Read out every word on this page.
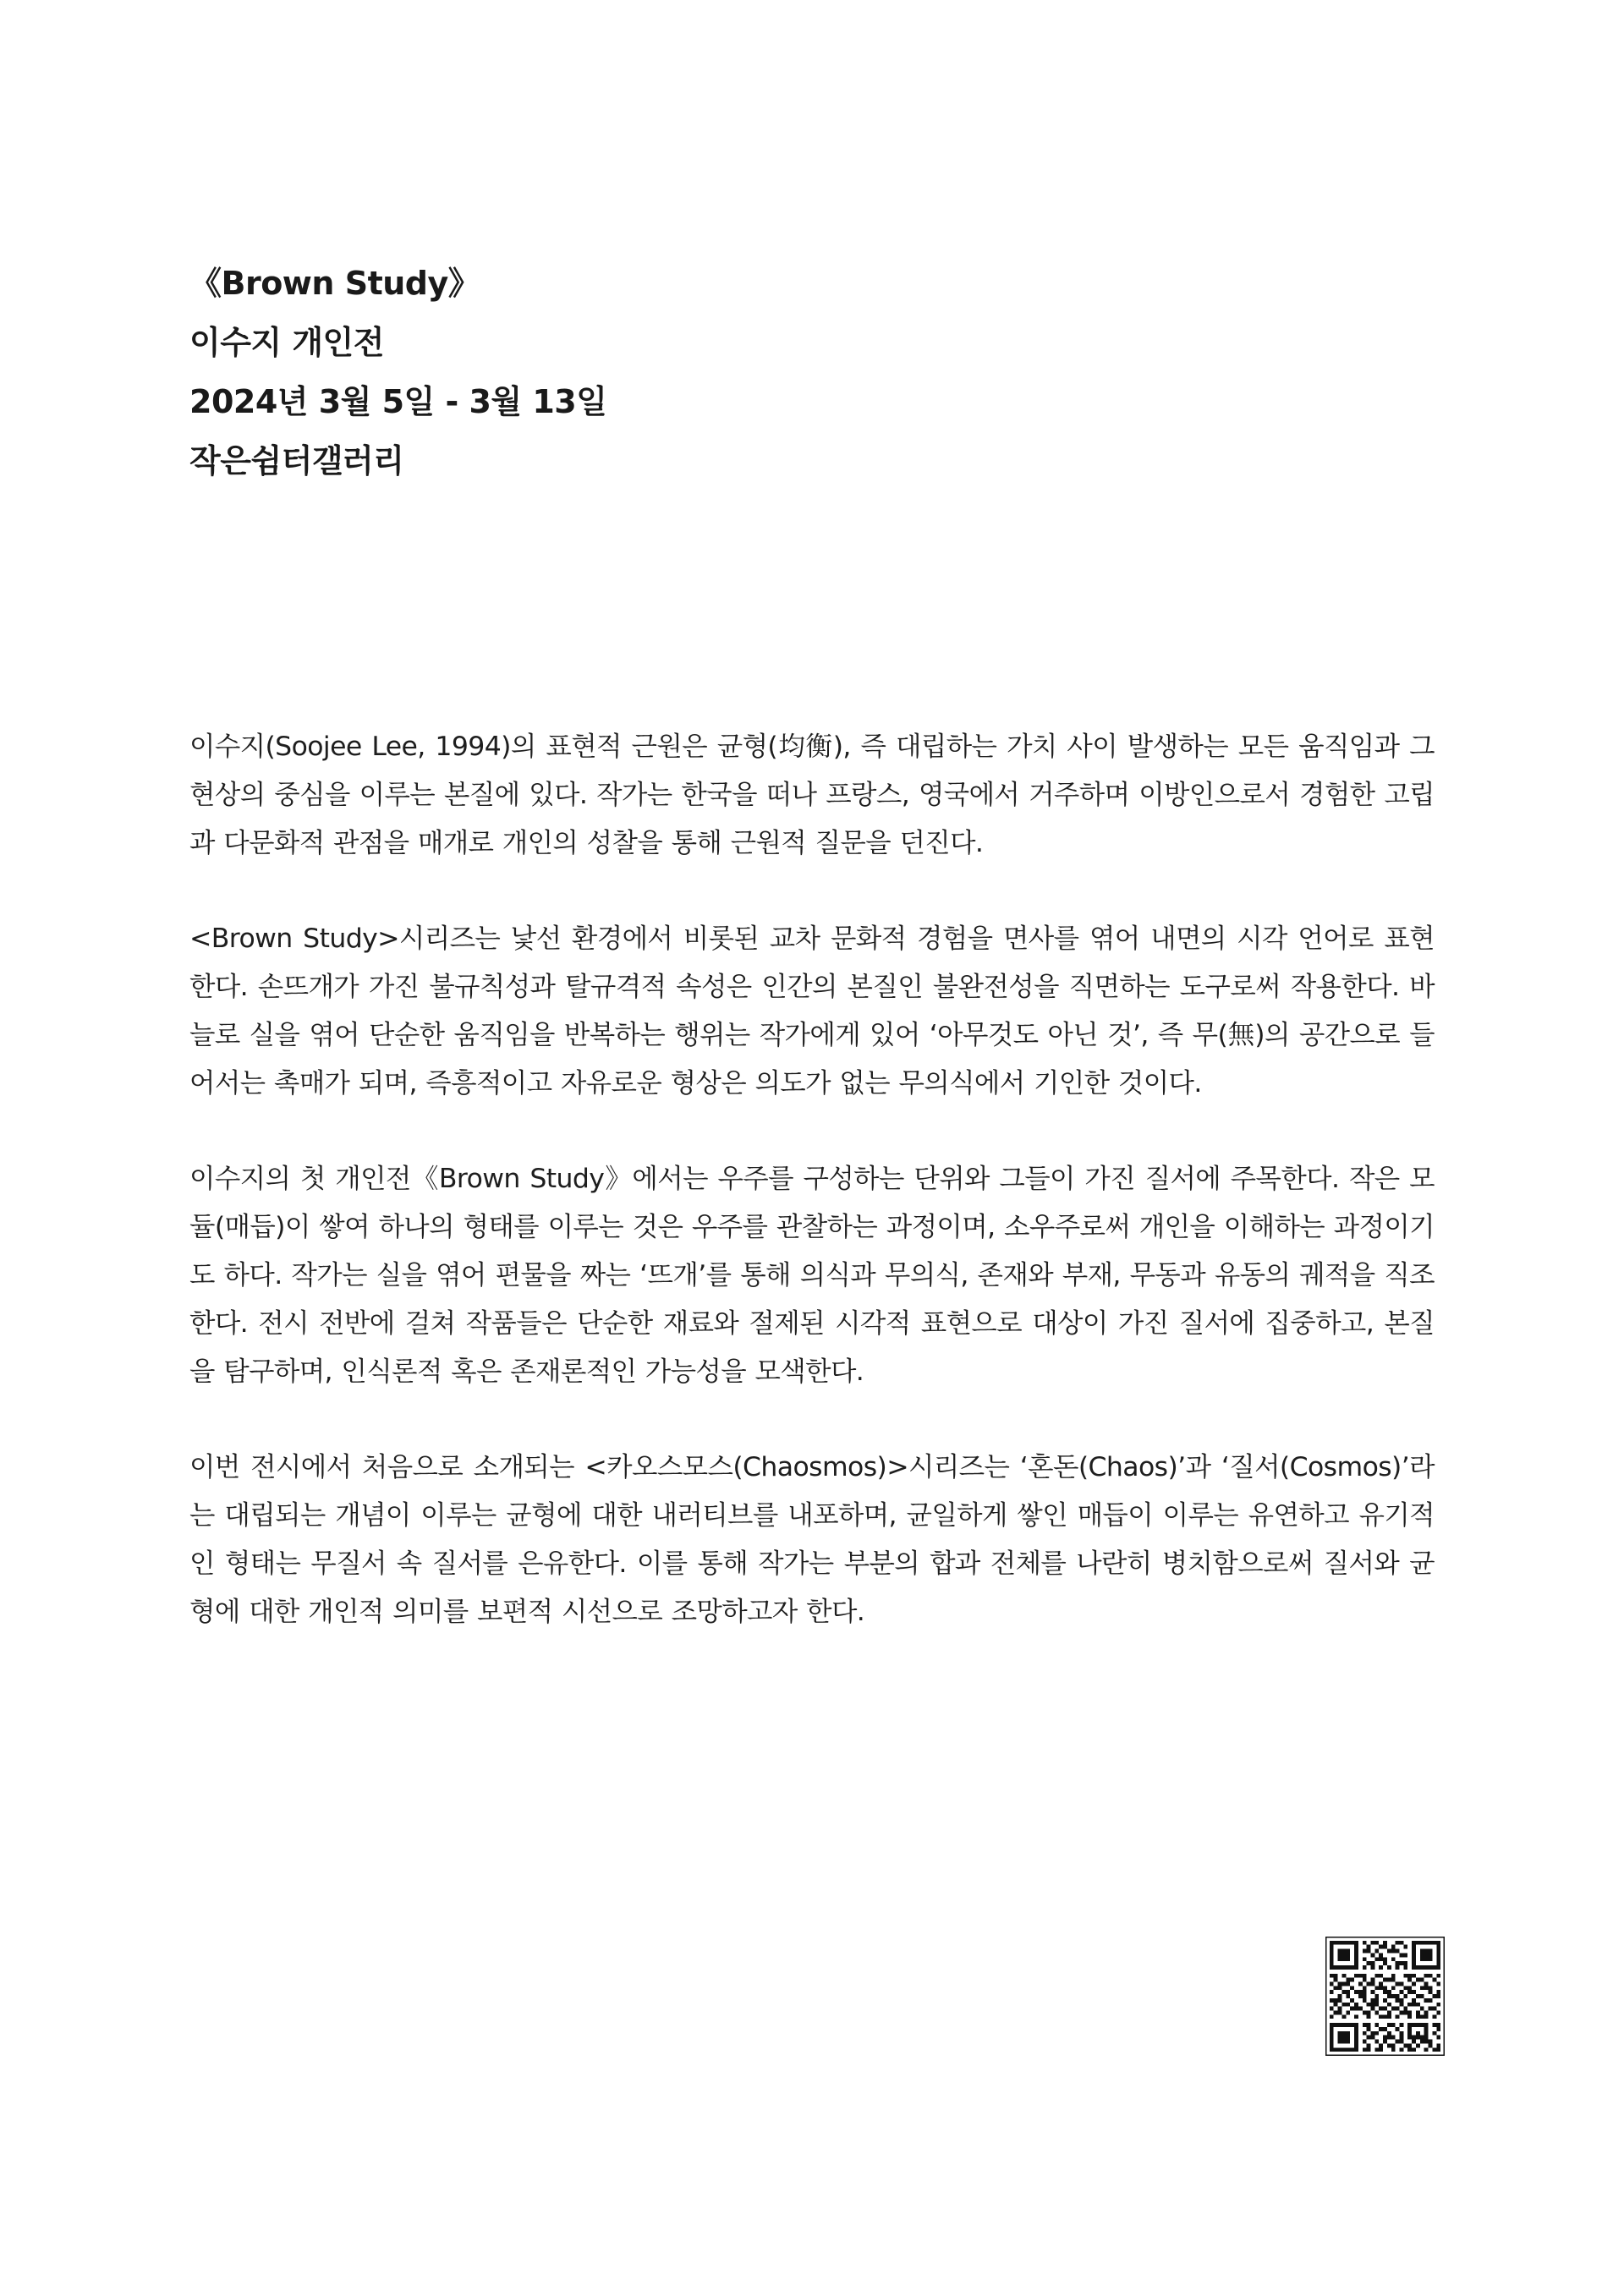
《Brown Study》

이수지 개인전

2024년 3월 5일 - 3월 13일

작은쉼터갤러리

이수지(Soojee Lee, 1994)의 표현적 근원은 균형(均衡), 즉 대립하는 가치 사이 발생하는 모든 움직임과 그 현상의 중심을 이루는 본질에 있다. 작가는 한국을 떠나 프랑스, 영국에서 거주하며 이방인으로서 경험한 고립과 다문화적 관점을 매개로 개인의 성찰을 통해 근원적 질문을 던진다.

<Brown Study>시리즈는 낯선 환경에서 비롯된 교차 문화적 경험을 면사를 엮어 내면의 시각 언어로 표현한다. 손뜨개가 가진 불규칙성과 탈규격적 속성은 인간의 본질인 불완전성을 직면하는 도구로써 작용한다. 바늘로 실을 엮어 단순한 움직임을 반복하는 행위는 작가에게 있어 ‘아무것도 아닌 것’, 즉 무(無)의 공간으로 들어서는 촉매가 되며, 즉흥적이고 자유로운 형상은 의도가 없는 무의식에서 기인한 것이다.

이수지의 첫 개인전《Brown Study》에서는 우주를 구성하는 단위와 그들이 가진 질서에 주목한다. 작은 모듈(매듭)이 쌓여 하나의 형태를 이루는 것은 우주를 관찰하는 과정이며, 소우주로써 개인을 이해하는 과정이기도 하다. 작가는 실을 엮어 편물을 짜는 ‘뜨개’를 통해 의식과 무의식, 존재와 부재, 무동과 유동의 궤적을 직조한다. 전시 전반에 걸쳐 작품들은 단순한 재료와 절제된 시각적 표현으로 대상이 가진 질서에 집중하고, 본질을 탐구하며, 인식론적 혹은 존재론적인 가능성을 모색한다.

이번 전시에서 처음으로 소개되는 <카오스모스(Chaosmos)>시리즈는 ‘혼돈(Chaos)’과 ‘질서(Cosmos)’라는 대립되는 개념이 이루는 균형에 대한 내러티브를 내포하며, 균일하게 쌓인 매듭이 이루는 유연하고 유기적인 형태는 무질서 속 질서를 은유한다. 이를 통해 작가는 부분의 합과 전체를 나란히 병치함으로써 질서와 균형에 대한 개인적 의미를 보편적 시선으로 조망하고자 한다.
